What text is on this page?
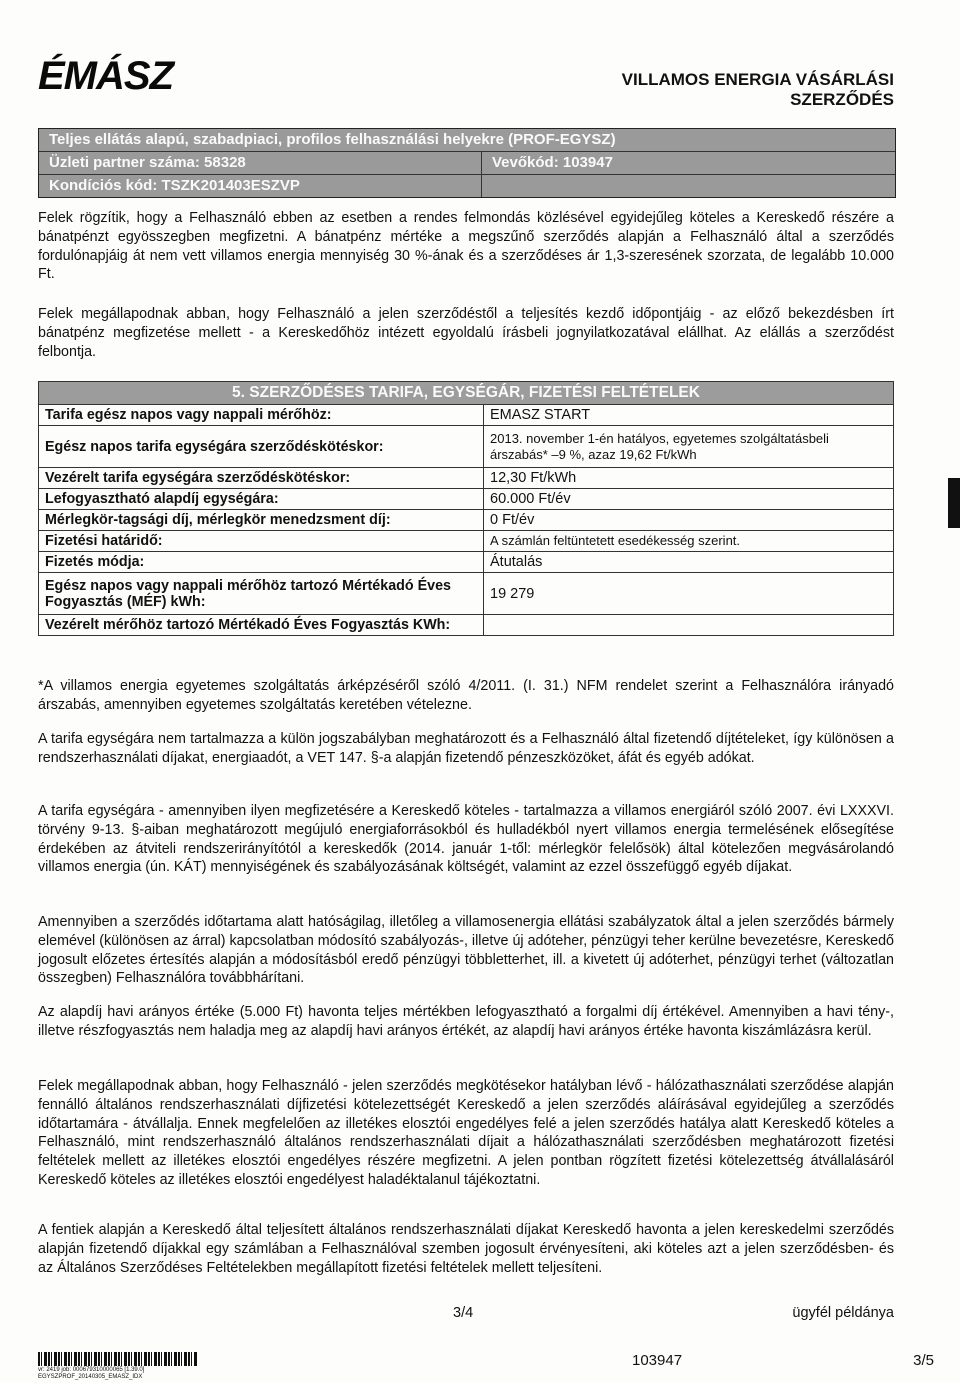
ÉMÁSZ	VILLAMOS ENERGIA VÁSÁRLÁSI SZERZŐDÉS
Teljes ellátás alapú, szabadpiaci, profilos felhasználási helyekre (PROF-EGYSZ)
Üzleti partner száma: 58328	Vevőkód: 103947
Kondíciós kód: TSZK201403ESZVP
Felek rögzítik, hogy a Felhasználó ebben az esetben a rendes felmondás közlésével egyidejűleg köteles a Kereskedő részére a bánatpénzt egyösszegben megfizetni. A bánatpénz mértéke a megszűnő szerződés alapján a Felhasználó által a szerződés fordulónapjáig át nem vett villamos energia mennyiség 30 %-ának és a szerződéses ár 1,3-szeresének szorzata, de legalább 10.000 Ft.
Felek megállapodnak abban, hogy Felhasználó a jelen szerződéstől a teljesítés kezdő időpontjáig - az előző bekezdésben írt bánatpénz megfizetése mellett - a Kereskedőhöz intézett egyoldalú írásbeli jognyilatkozatával elállhat. Az elállás a szerződést felbontja.
5. SZERZŐDÉSES TARIFA, EGYSÉGÁR, FIZETÉSI FELTÉTELEK	
Tarifa egész napos vagy nappali mérőhöz:	EMASZ START
Egész napos tarifa egységára szerződéskötéskor:	2013. november 1-én hatályos, egyetemes szolgáltatásbeli árszabás* –9 %, azaz 19,62 Ft/kWh
Vezérelt tarifa egységára szerződéskötéskor:	12,30 Ft/kWh
Lefogyasztható alapdíj egységára:	60.000 Ft/év
Mérlegkör-tagsági díj, mérlegkör menedzsment díj:	0 Ft/év
Fizetési határidő:	A számlán feltüntetett esedékesség szerint.
Fizetés módja:	Átutalás
Egész napos vagy nappali mérőhöz tartozó Mértékadó Éves Fogyasztás (MÉF) kWh:	19 279
Vezérelt mérőhöz tartozó Mértékadó Éves Fogyasztás KWh:	
*A villamos energia egyetemes szolgáltatás árképzéséről szóló 4/2011. (I. 31.) NFM rendelet szerint a Felhasználóra irányadó árszabás, amennyiben egyetemes szolgáltatás keretében vételezne.
A tarifa egységára nem tartalmazza a külön jogszabályban meghatározott és a Felhasználó által fizetendő díjtételeket, így különösen a rendszerhasználati díjakat, energiaadót, a VET 147. §-a alapján fizetendő pénzeszközöket, áfát és egyéb adókat.
A tarifa egységára - amennyiben ilyen megfizetésére a Kereskedő köteles - tartalmazza a villamos energiáról szóló 2007. évi LXXXVI. törvény 9-13. §-aiban meghatározott megújuló energiaforrásokból és hulladékból nyert villamos energia termelésének elősegítése érdekében az átviteli rendszerirányítótól a kereskedők (2014. január 1-től: mérlegkör felelősök) által kötelezően megvásárolandó villamos energia (ún. KÁT) mennyiségének és szabályozásának költségét, valamint az ezzel összefüggő egyéb díjakat.
Amennyiben a szerződés időtartama alatt hatóságilag, illetőleg a villamosenergia ellátási szabályzatok által a jelen szerződés bármely elemével (különösen az árral) kapcsolatban módosító szabályozás-, illetve új adóteher, pénzügyi teher kerülne bevezetésre, Kereskedő jogosult előzetes értesítés alapján a módosításból eredő pénzügyi többletterhet, ill. a kivetett új adóterhet, pénzügyi terhet (változatlan összegben) Felhasználóra továbbhárítani.
Az alapdíj havi arányos értéke (5.000 Ft) havonta teljes mértékben lefogyasztható a forgalmi díj értékével. Amennyiben a havi tény-, illetve részfogyasztás nem haladja meg az alapdíj havi arányos értékét, az alapdíj havi arányos értéke havonta kiszámlázásra kerül.
Felek megállapodnak abban, hogy Felhasználó - jelen szerződés megkötésekor hatályban lévő - hálózathasználati szerződése alapján fennálló általános rendszerhasználati díjfizetési kötelezettségét Kereskedő a jelen szerződés aláírásával egyidejűleg a szerződés időtartamára - átvállalja. Ennek megfelelően az illetékes elosztói engedélyes felé a jelen szerződés hatálya alatt Kereskedő köteles a Felhasználó, mint rendszerhasználó általános rendszerhasználati díjait a hálózathasználati szerződésben meghatározott fizetési feltételek mellett az illetékes elosztói engedélyes részére megfizetni. A jelen pontban rögzített fizetési kötelezettség átvállalásáról Kereskedő köteles az illetékes elosztói engedélyest haladéktalanul tájékoztatni.
A fentiek alapján a Kereskedő által teljesített általános rendszerhasználati díjakat Kereskedő havonta a jelen kereskedelmi szerződés alapján fizetendő díjakkal egy számlában a Felhasználóval szemben jogosult érvényesíteni, aki köteles azt a jelen szerződésben- és az Általános Szerződéses Feltételekben megállapított fizetési feltételek mellett teljesíteni.
3/4	ügyfél példánya
vr: 2419 job: 000679310000065 [1.39.0] EGYSZPROF_20140305_EMASZ_IDX
103947	3/5
